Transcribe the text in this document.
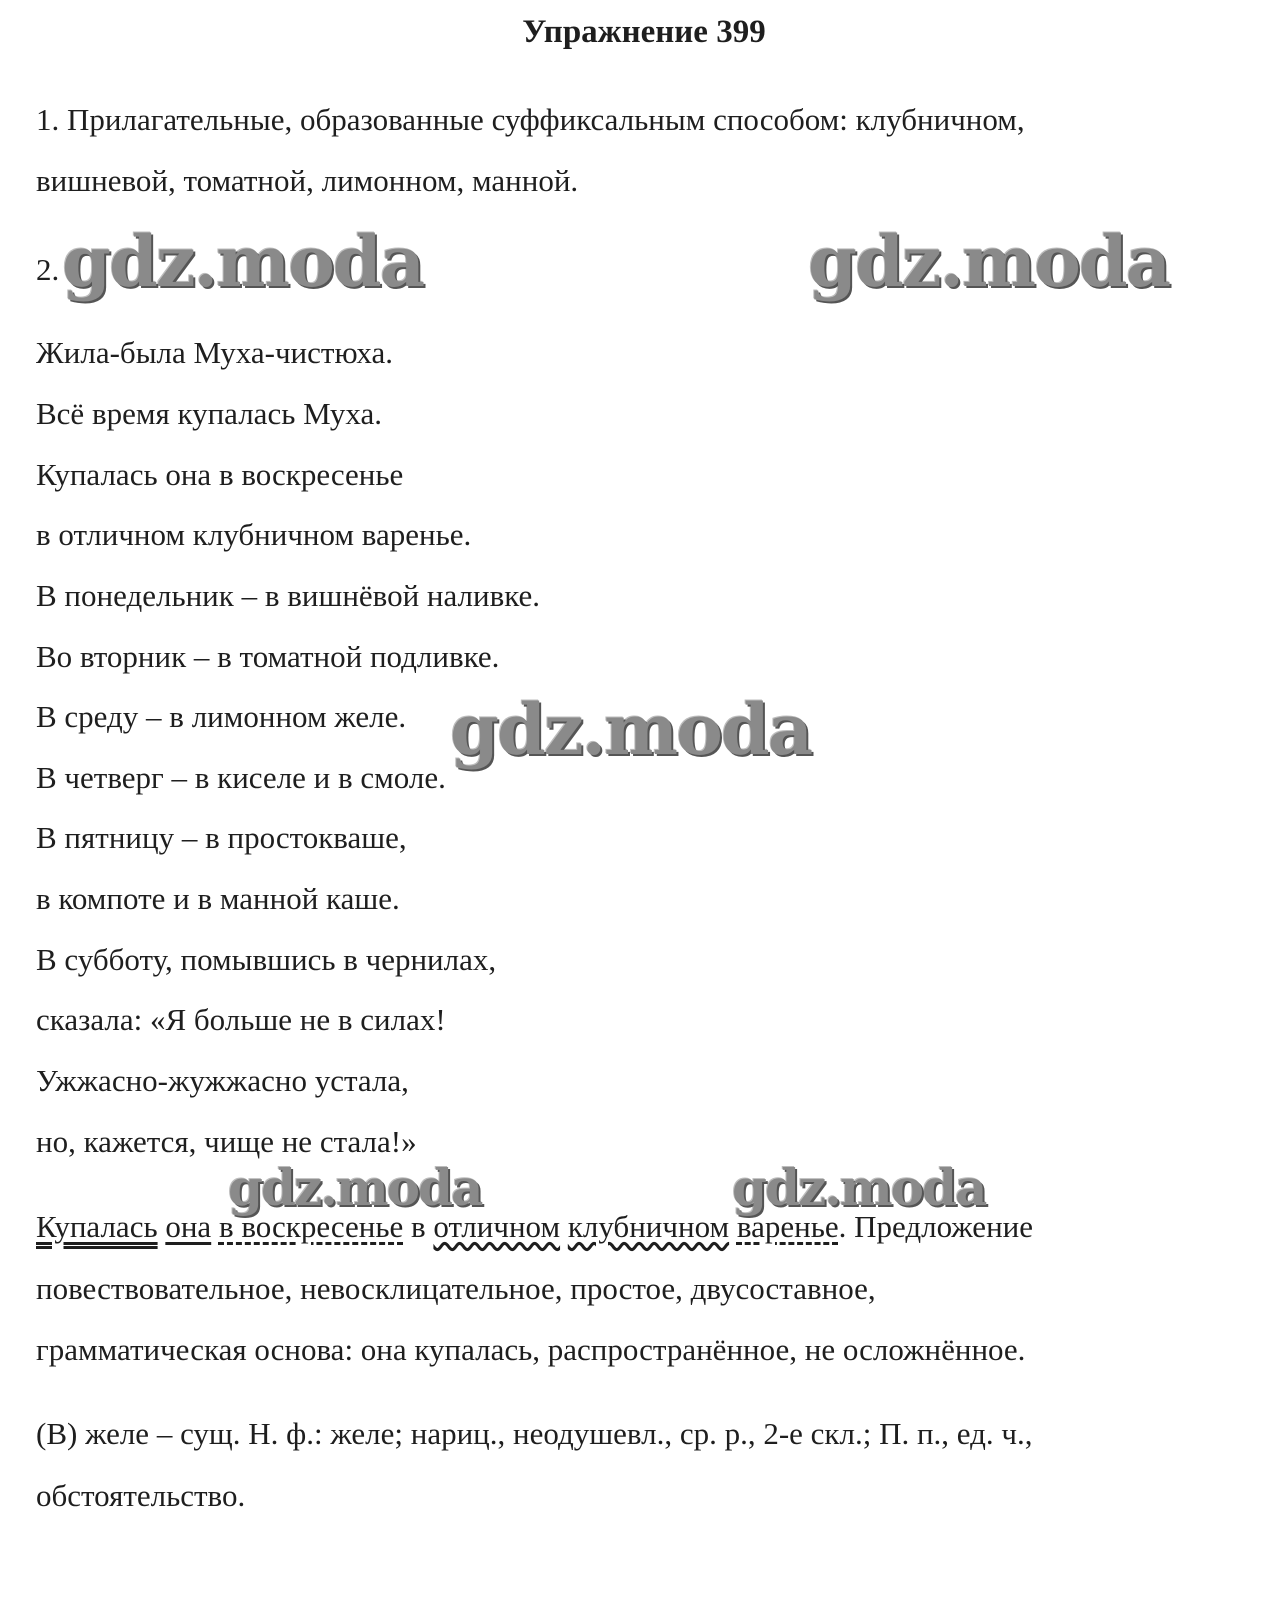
Упражнение 399
1. Прилагательные, образованные суффиксальным способом: клубничном,
вишневой, томатной, лимонном, манной.
2.
Жила-была Муха-чистюха.
Всё время купалась Муха.
Купалась она в воскресенье
в отличном клубничном варенье.
В понедельник – в вишнёвой наливке.
Во вторник – в томатной подливке.
В среду – в лимонном желе.
В четверг – в киселе и в смоле.
В пятницу – в простокваше,
в компоте и в манной каше.
В субботу, помывшись в чернилах,
сказала: «Я больше не в силах!
Ужжасно-жужжасно устала,
но, кажется, чище не стала!»
Купалась она в воскресенье в отличном клубничном варенье. Предложение
повествовательное, невосклицательное, простое, двусоставное,
грамматическая основа: она купалась, распространённое, не осложнённое.
(В) желе – сущ. Н. ф.: желе; нариц., неодушевл., ср. р., 2-е скл.; П. п., ед. ч.,
обстоятельство.
gdz.moda	gdz.moda
gdz.moda
gdz.moda	gdz.moda
